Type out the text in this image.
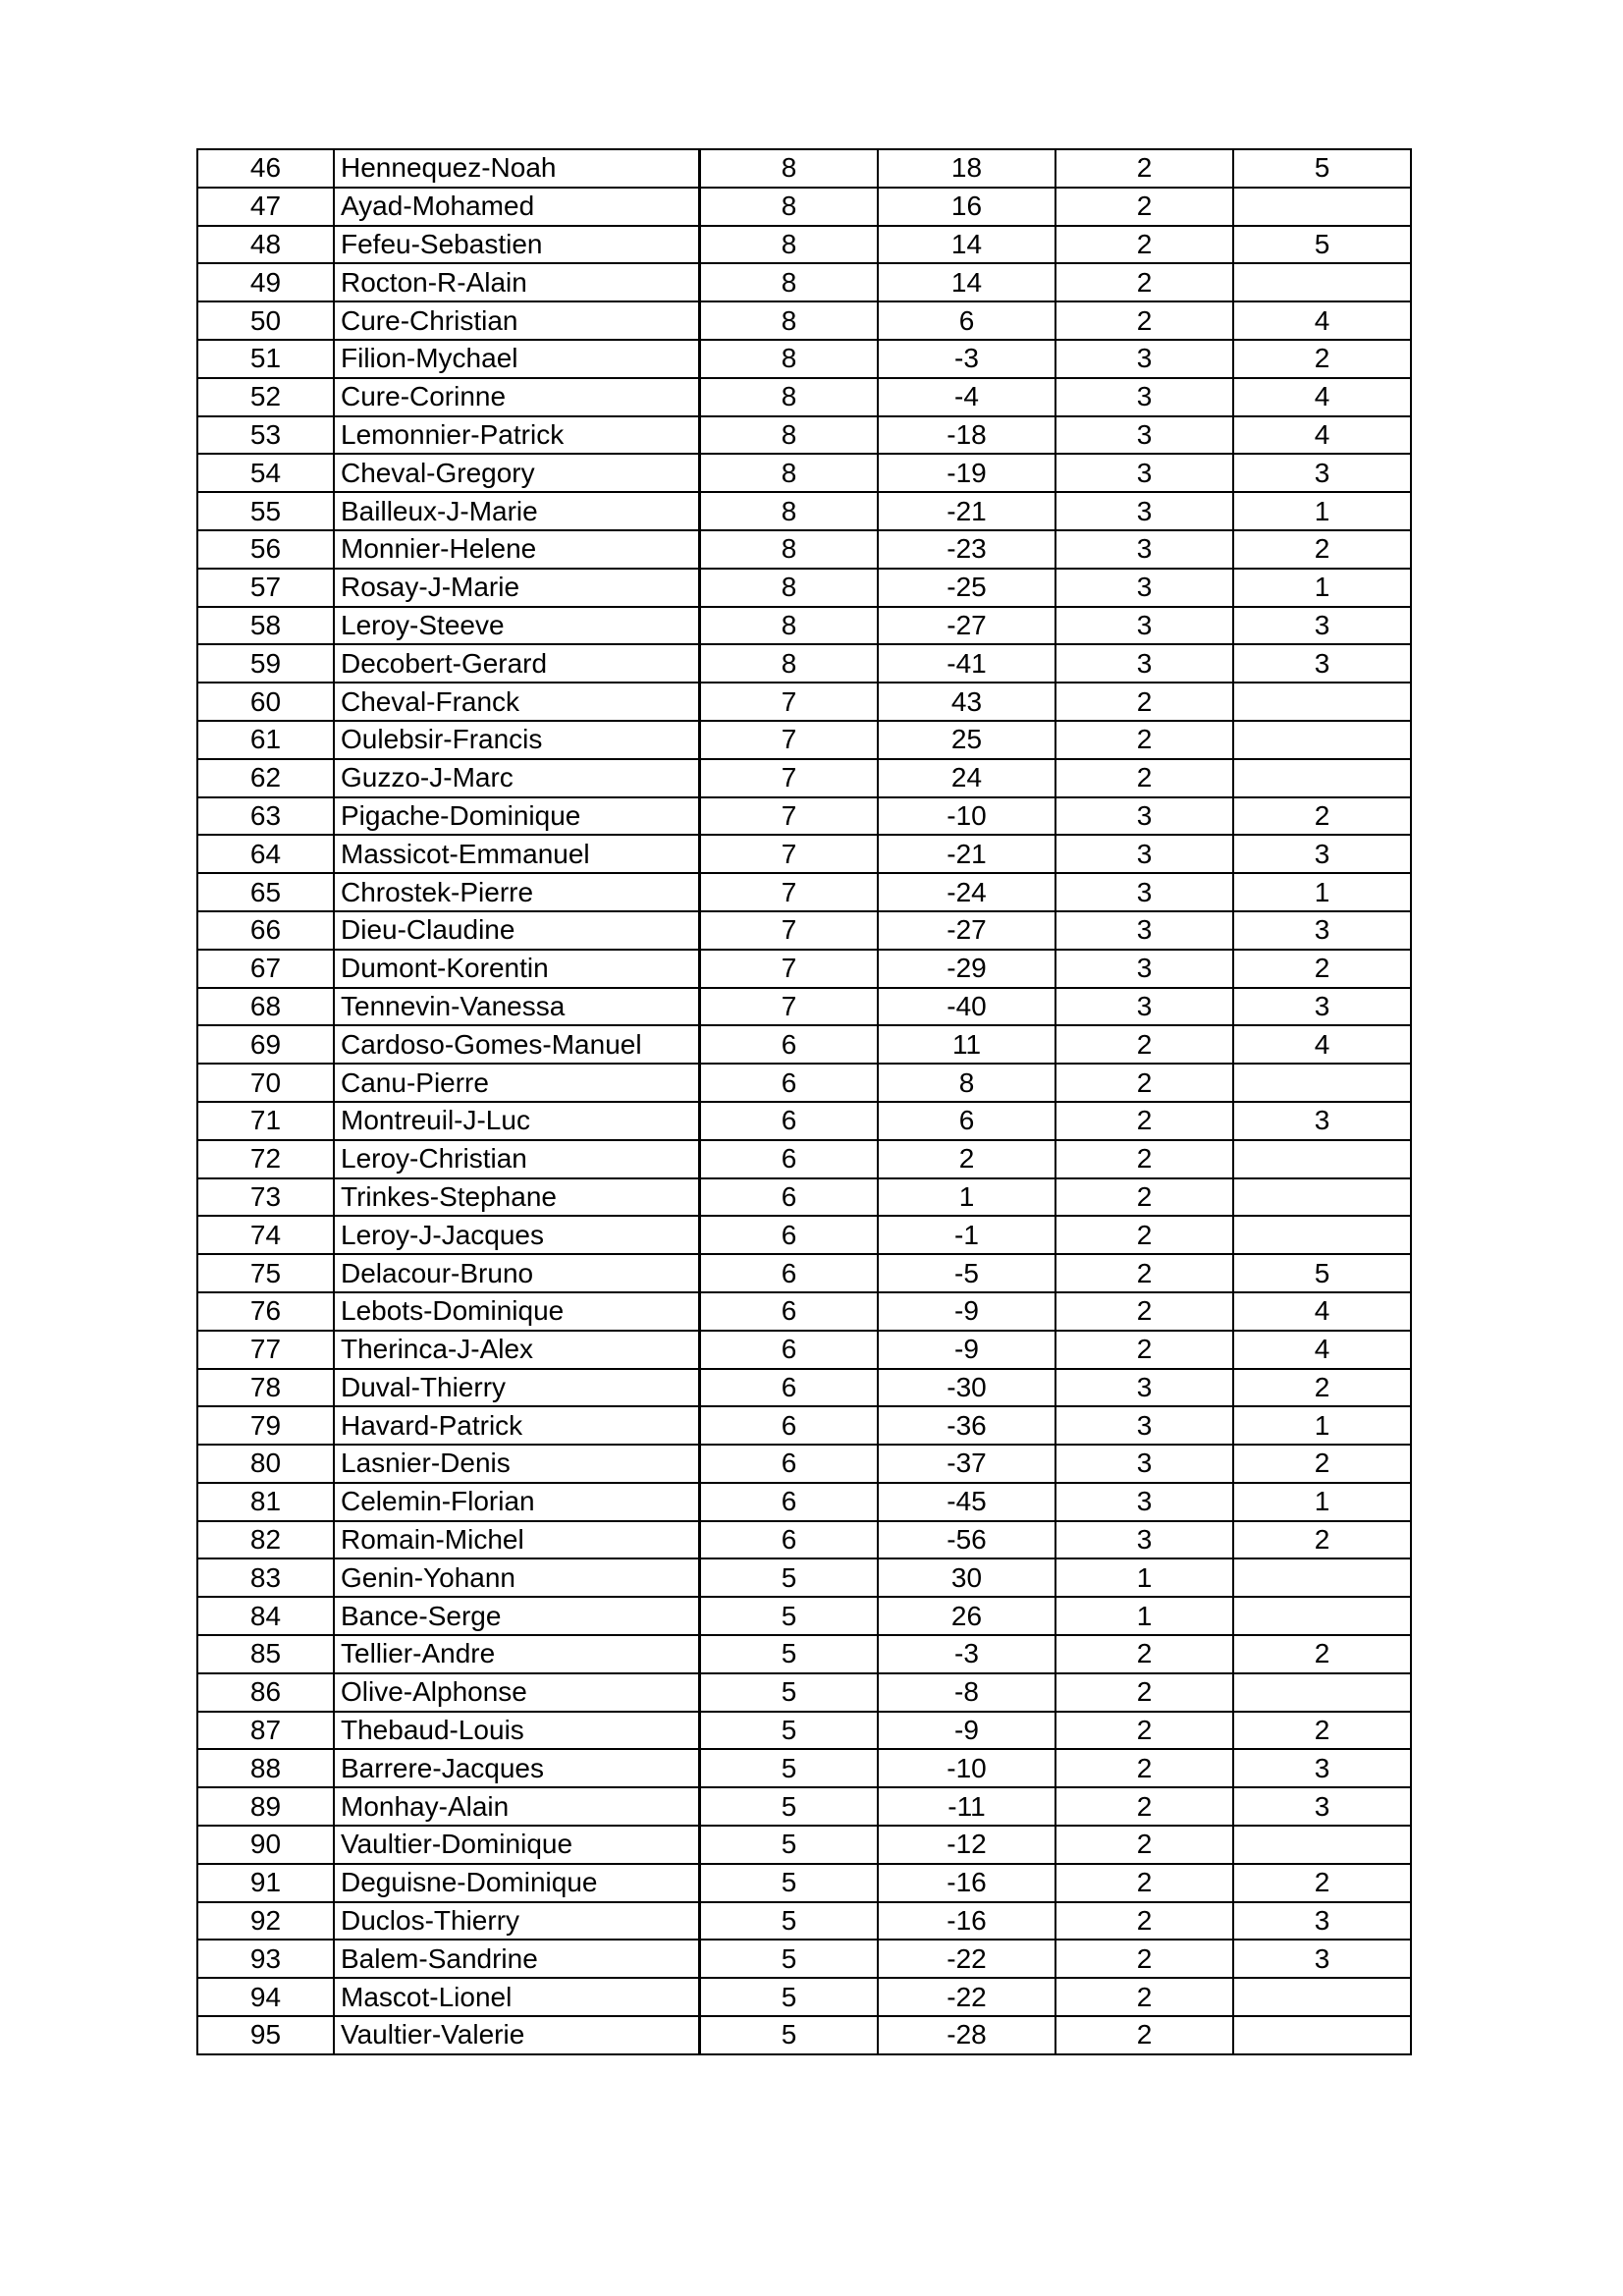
46	Hennequez-Noah	8	18	2	5
47	Ayad-Mohamed	8	16	2	
48	Fefeu-Sebastien	8	14	2	5
49	Rocton-R-Alain	8	14	2	
50	Cure-Christian	8	6	2	4
51	Filion-Mychael	8	-3	3	2
52	Cure-Corinne	8	-4	3	4
53	Lemonnier-Patrick	8	-18	3	4
54	Cheval-Gregory	8	-19	3	3
55	Bailleux-J-Marie	8	-21	3	1
56	Monnier-Helene	8	-23	3	2
57	Rosay-J-Marie	8	-25	3	1
58	Leroy-Steeve	8	-27	3	3
59	Decobert-Gerard	8	-41	3	3
60	Cheval-Franck	7	43	2	
61	Oulebsir-Francis	7	25	2	
62	Guzzo-J-Marc	7	24	2	
63	Pigache-Dominique	7	-10	3	2
64	Massicot-Emmanuel	7	-21	3	3
65	Chrostek-Pierre	7	-24	3	1
66	Dieu-Claudine	7	-27	3	3
67	Dumont-Korentin	7	-29	3	2
68	Tennevin-Vanessa	7	-40	3	3
69	Cardoso-Gomes-Manuel	6	11	2	4
70	Canu-Pierre	6	8	2	
71	Montreuil-J-Luc	6	6	2	3
72	Leroy-Christian	6	2	2	
73	Trinkes-Stephane	6	1	2	
74	Leroy-J-Jacques	6	-1	2	
75	Delacour-Bruno	6	-5	2	5
76	Lebots-Dominique	6	-9	2	4
77	Therinca-J-Alex	6	-9	2	4
78	Duval-Thierry	6	-30	3	2
79	Havard-Patrick	6	-36	3	1
80	Lasnier-Denis	6	-37	3	2
81	Celemin-Florian	6	-45	3	1
82	Romain-Michel	6	-56	3	2
83	Genin-Yohann	5	30	1	
84	Bance-Serge	5	26	1	
85	Tellier-Andre	5	-3	2	2
86	Olive-Alphonse	5	-8	2	
87	Thebaud-Louis	5	-9	2	2
88	Barrere-Jacques	5	-10	2	3
89	Monhay-Alain	5	-11	2	3
90	Vaultier-Dominique	5	-12	2	
91	Deguisne-Dominique	5	-16	2	2
92	Duclos-Thierry	5	-16	2	3
93	Balem-Sandrine	5	-22	2	3
94	Mascot-Lionel	5	-22	2	
95	Vaultier-Valerie	5	-28	2	
